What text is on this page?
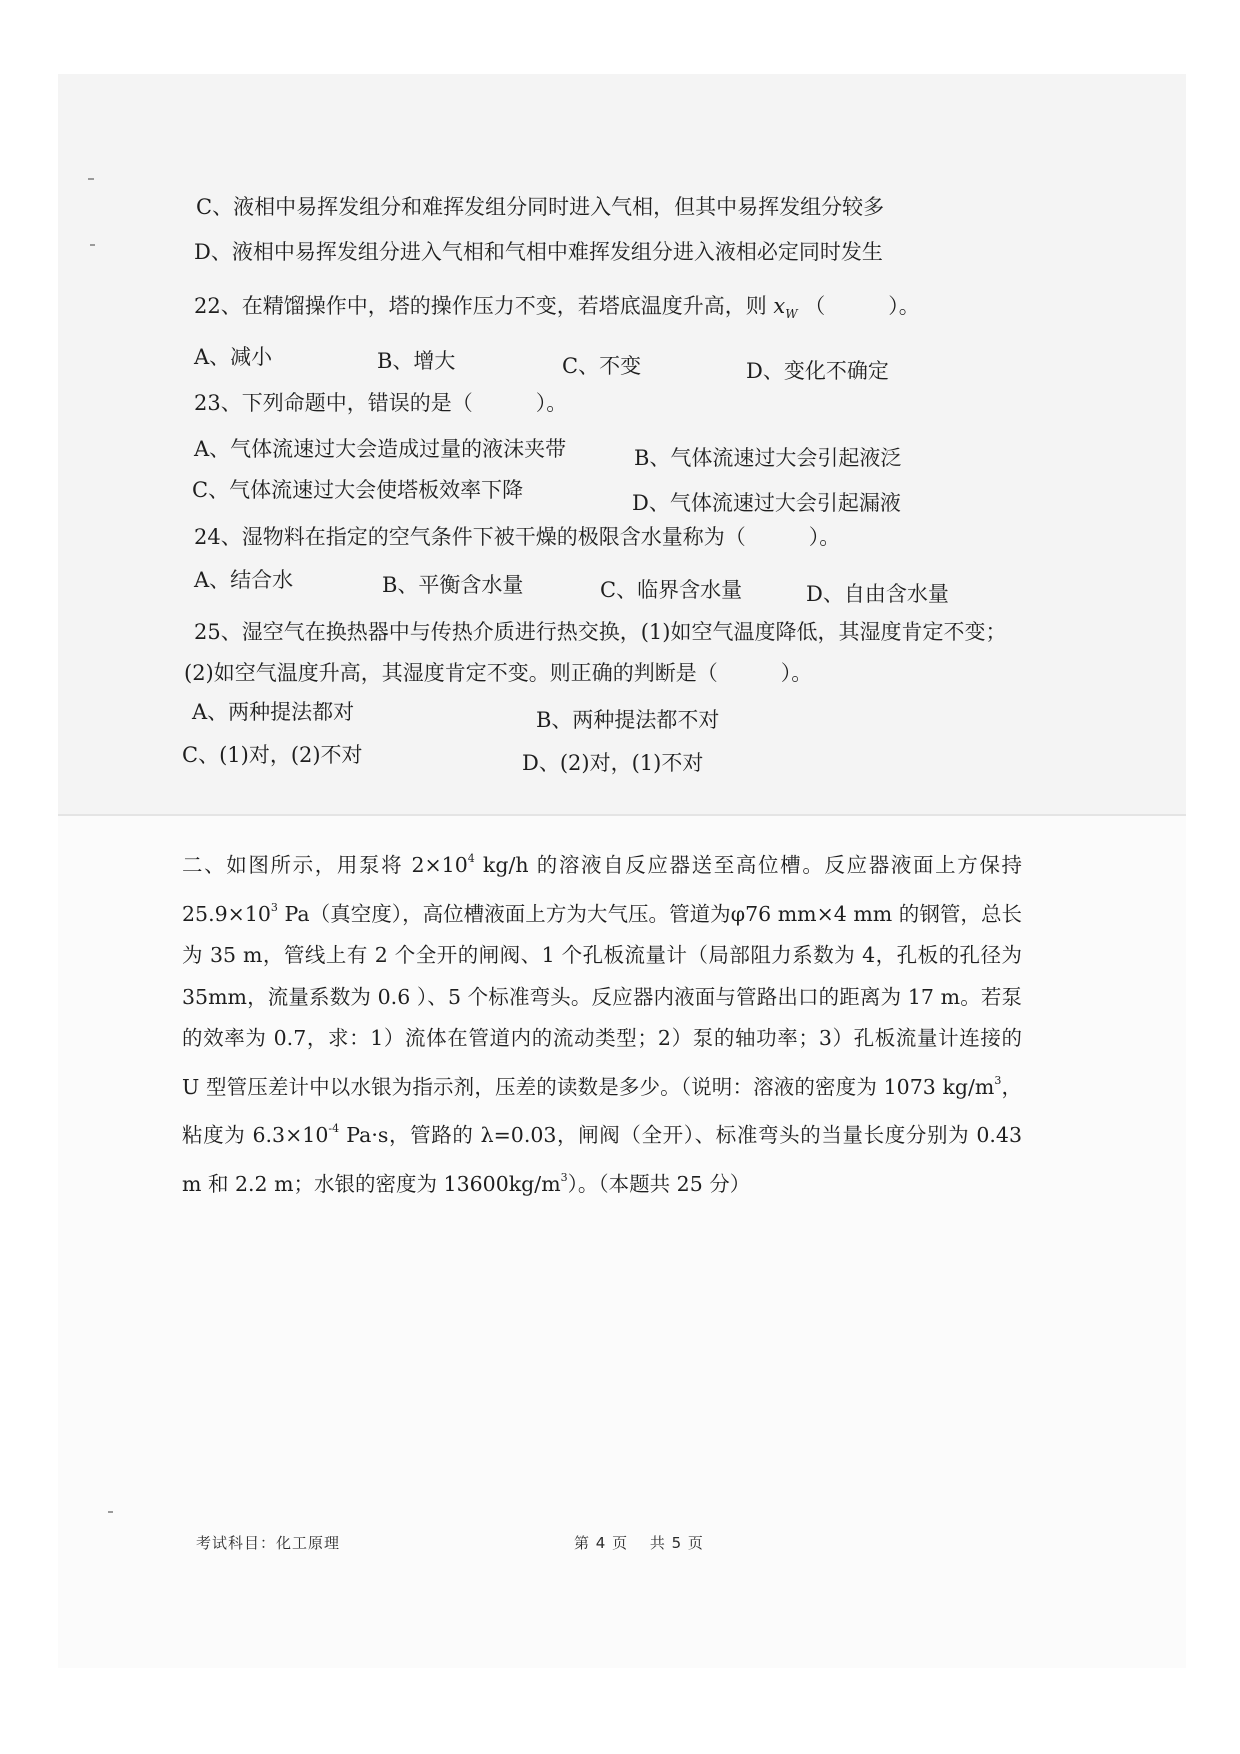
C、液相中易挥发组分和难挥发组分同时进入气相，但其中易挥发组分较多
D、液相中易挥发组分进入气相和气相中难挥发组分进入液相必定同时发生
22、在精馏操作中，塔的操作压力不变，若塔底温度升高，则 $x_W$ （　　　）。
A、减小	B、增大	C、不变	D、变化不确定
23、下列命题中，错误的是（　　　）。
A、气体流速过大会造成过量的液沫夹带	B、气体流速过大会引起液泛
C、气体流速过大会使塔板效率下降
D、气体流速过大会引起漏液
24、湿物料在指定的空气条件下被干燥的极限含水量称为（　　　）。
A、结合水	B、平衡含水量	C、临界含水量	D、自由含水量
25、湿空气在换热器中与传热介质进行热交换，(1)如空气温度降低，其湿度肯定不变；
(2)如空气温度升高，其湿度肯定不变。则正确的判断是（　　　）。
A、两种提法都对	B、两种提法都不对
C、(1)对，(2)不对	D、(2)对，(1)不对
二、如图所示，用泵将 $2\times 10^4$ kg/h 的溶液自反应器送至高位槽。反应器液面上方保持 $25.9\times 10^3$ Pa（真空度），高位槽液面上方为大气压。管道为φ76 mm×4 mm 的钢管，总长为 35 m，管线上有 2 个全开的闸阀、1 个孔板流量计（局部阻力系数为 4，孔板的孔径为 35mm，流量系数为 0.6 ）、5 个标准弯头。反应器内液面与管路出口的距离为 17 m。若泵的效率为 0.7，求：1）流体在管道内的流动类型；2）泵的轴功率；3）孔板流量计连接的 U 型管压差计中以水银为指示剂，压差的读数是多少。（说明：溶液的密度为 1073 $kg/m^3$，粘度为 $6.3\times 10^{-4}$ Pa·s，管路的 λ=0.03，闸阀（全开）、标准弯头的当量长度分别为 0.43 m 和 2.2 m；水银的密度为 $13600kg/m^3$）。（本题共 25 分）
考试科目：化工原理	第 4 页　 共 5 页
